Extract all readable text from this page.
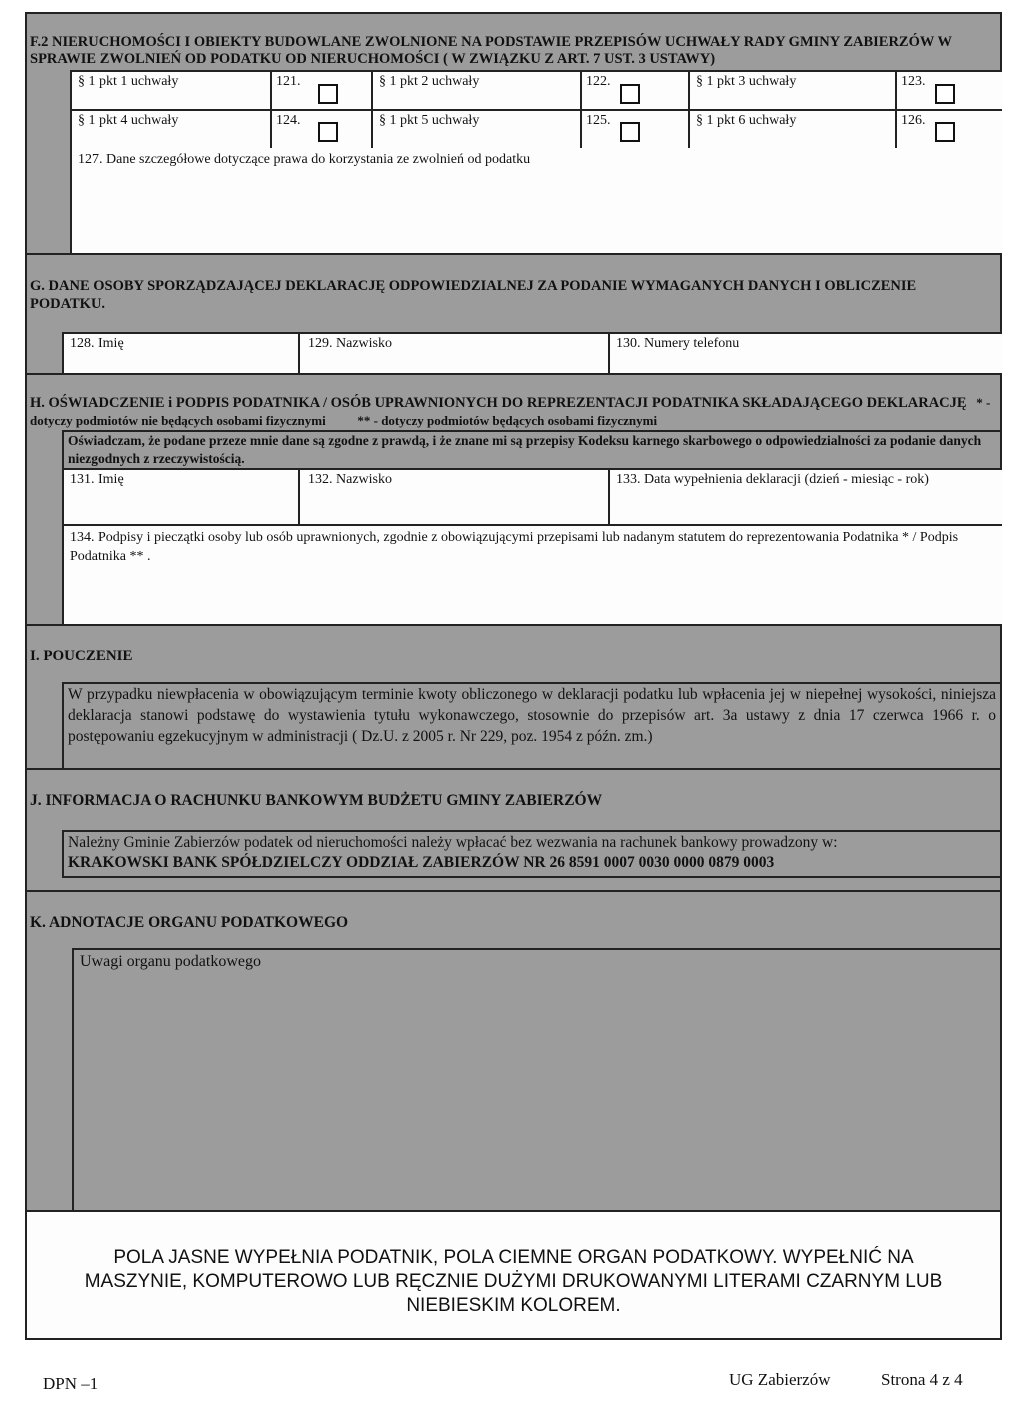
F.2 NIERUCHOMOŚCI I OBIEKTY BUDOWLANE ZWOLNIONE NA PODSTAWIE PRZEPISÓW UCHWAŁY RADY GMINY ZABIERZÓW W SPRAWIE ZWOLNIEŃ OD PODATKU OD NIERUCHOMOŚCI ( W ZWIĄZKU Z ART. 7 UST. 3 USTAWY)
§ 1 pkt 1 uchwały	121.	§ 1 pkt 2 uchwały	122.	§ 1 pkt 3 uchwały	123.
§ 1 pkt 4 uchwały	124.	§ 1 pkt 5 uchwały	125.	§ 1 pkt 6 uchwały	126.
127. Dane szczegółowe dotyczące prawa do korzystania ze zwolnień od podatku
G. DANE OSOBY SPORZĄDZAJĄCEJ DEKLARACJĘ ODPOWIEDZIALNEJ ZA PODANIE WYMAGANYCH DANYCH I OBLICZENIE PODATKU.
128. Imię	129. Nazwisko	130. Numery telefonu
H. OŚWIADCZENIE i PODPIS PODATNIKA / OSÓB UPRAWNIONYCH DO REPREZENTACJI PODATNIKA SKŁADAJĄCEGO DEKLARACJĘ * - dotyczy podmiotów nie będących osobami fizycznymi ** - dotyczy podmiotów będących osobami fizycznymi
Oświadczam, że podane przeze mnie dane są zgodne z prawdą, i że znane mi są przepisy Kodeksu karnego skarbowego o odpowiedzialności za podanie danych niezgodnych z rzeczywistością.
131. Imię	132. Nazwisko	133. Data wypełnienia deklaracji (dzień - miesiąc - rok)
134. Podpisy i pieczątki osoby lub osób uprawnionych, zgodnie z obowiązującymi przepisami lub nadanym statutem do reprezentowania Podatnika * / Podpis Podatnika ** .
I. POUCZENIE
W przypadku niewpłacenia w obowiązującym terminie kwoty obliczonego w deklaracji podatku lub wpłacenia jej w niepełnej wysokości, niniejsza deklaracja stanowi podstawę do wystawienia tytułu wykonawczego, stosownie do przepisów art. 3a ustawy z dnia 17 czerwca 1966 r. o postępowaniu egzekucyjnym w administracji ( Dz.U. z 2005 r. Nr 229, poz. 1954 z późn. zm.)
J. INFORMACJA O RACHUNKU BANKOWYM BUDŻETU GMINY ZABIERZÓW
Należny Gminie Zabierzów podatek od nieruchomości należy wpłacać bez wezwania na rachunek bankowy prowadzony w:
KRAKOWSKI BANK SPÓŁDZIELCZY ODDZIAŁ ZABIERZÓW NR 26 8591 0007 0030 0000 0879 0003
K. ADNOTACJE ORGANU PODATKOWEGO
Uwagi organu podatkowego
POLA JASNE WYPEŁNIA PODATNIK, POLA CIEMNE ORGAN PODATKOWY. WYPEŁNIĆ NA
MASZYNIE, KOMPUTEROWO LUB RĘCZNIE DUŻYMI DRUKOWANYMI LITERAMI CZARNYM LUB
NIEBIESKIM KOLOREM.
DPN –1	UG Zabierzów	Strona 4 z 4
